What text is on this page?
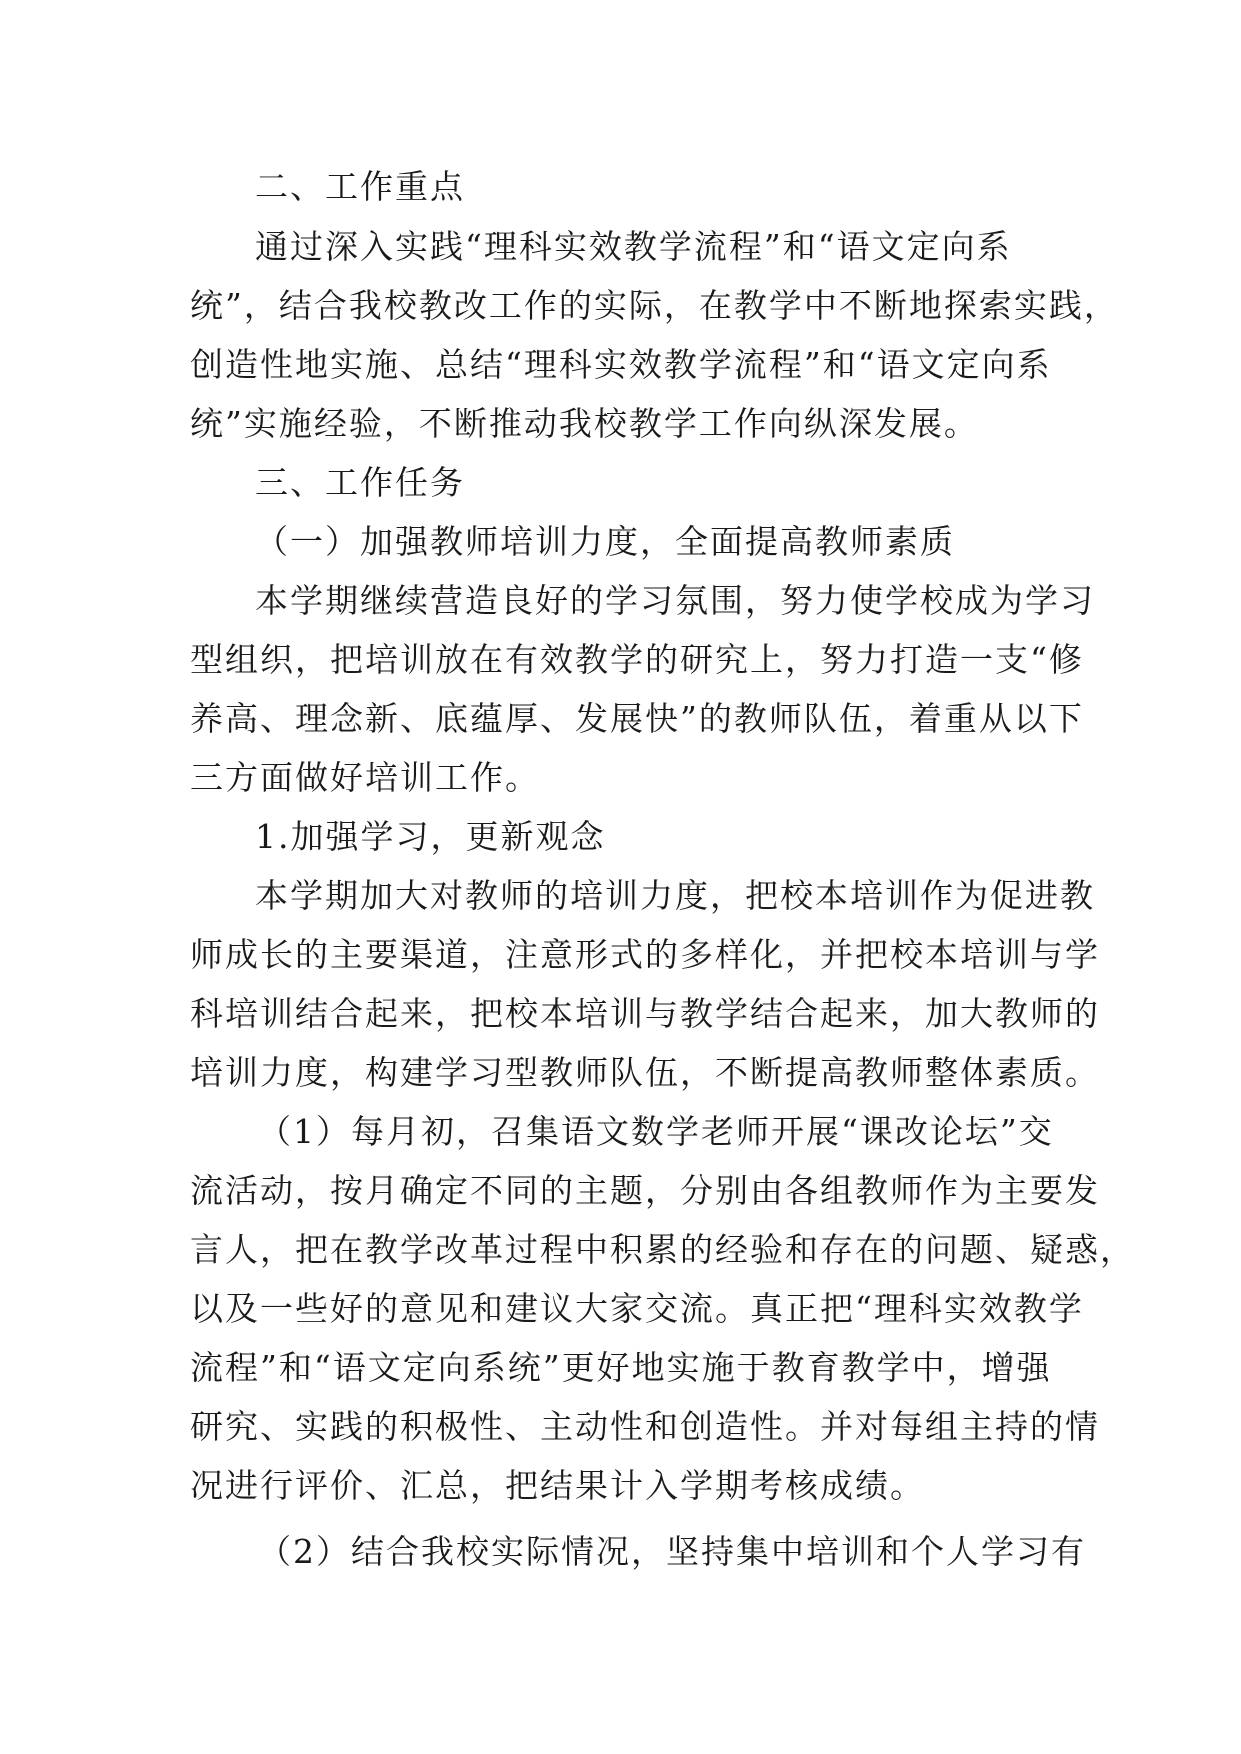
二、工作重点
通过深入实践“理科实效教学流程”和“语文定向系
统”，结合我校教改工作的实际，在教学中不断地探索实践，
创造性地实施、总结“理科实效教学流程”和“语文定向系
统”实施经验，不断推动我校教学工作向纵深发展。
三、工作任务
（一）加强教师培训力度，全面提高教师素质
本学期继续营造良好的学习氛围，努力使学校成为学习
型组织，把培训放在有效教学的研究上，努力打造一支“修
养高、理念新、底蕴厚、发展快”的教师队伍，着重从以下
三方面做好培训工作。
1.加强学习，更新观念
本学期加大对教师的培训力度，把校本培训作为促进教
师成长的主要渠道，注意形式的多样化，并把校本培训与学
科培训结合起来，把校本培训与教学结合起来，加大教师的
培训力度，构建学习型教师队伍，不断提高教师整体素质。
（1）每月初，召集语文数学老师开展“课改论坛”交
流活动，按月确定不同的主题，分别由各组教师作为主要发
言人，把在教学改革过程中积累的经验和存在的问题、疑惑，
以及一些好的意见和建议大家交流。真正把“理科实效教学
流程”和“语文定向系统”更好地实施于教育教学中，增强
研究、实践的积极性、主动性和创造性。并对每组主持的情
况进行评价、汇总，把结果计入学期考核成绩。
（2）结合我校实际情况，坚持集中培训和个人学习有
